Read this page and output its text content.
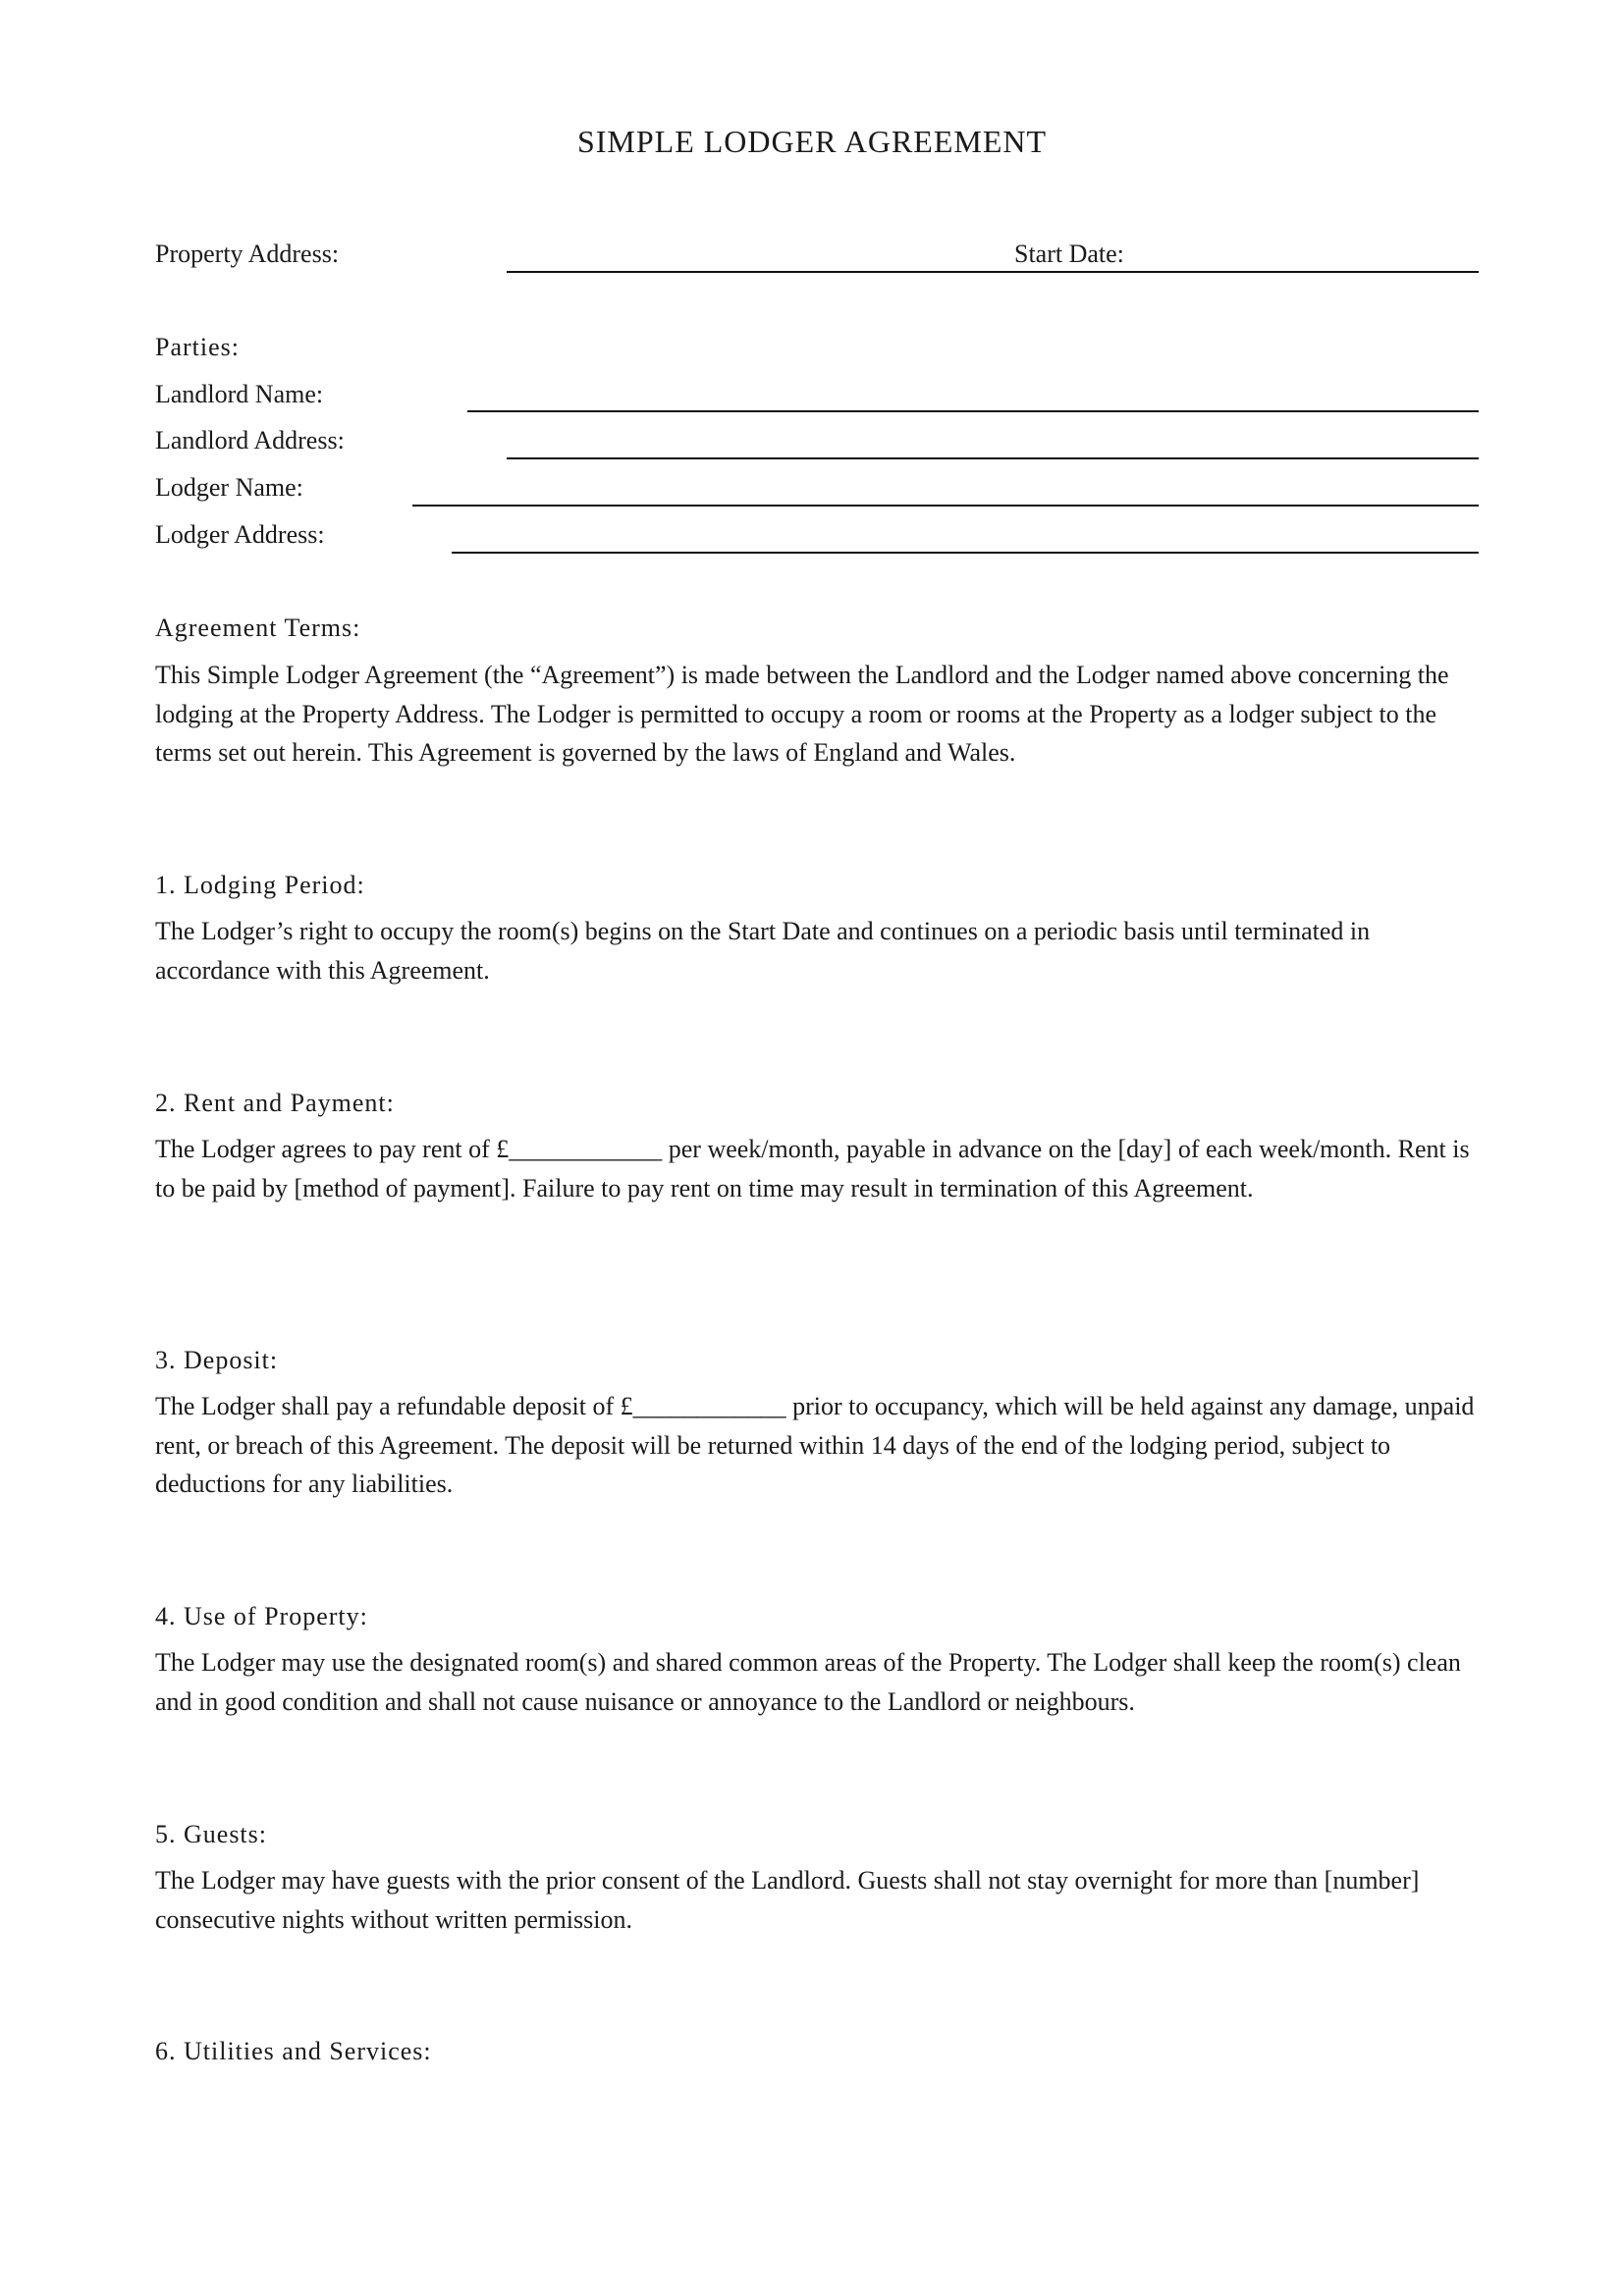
SIMPLE LODGER AGREEMENT
Property Address:	Start Date:
Parties:
Landlord Name:
Landlord Address:
Lodger Name:
Lodger Address:
Agreement Terms:

This Simple Lodger Agreement (the “Agreement”) is made between the Landlord and the Lodger named above concerning the lodging at the Property Address. The Lodger is permitted to occupy a room or rooms at the Property as a lodger subject to the terms set out herein. This Agreement is governed by the laws of England and Wales.

1. Lodging Period:

The Lodger’s right to occupy the room(s) begins on the Start Date and continues on a periodic basis until terminated in accordance with this Agreement.

2. Rent and Payment:

The Lodger agrees to pay rent of £____________ per week/month, payable in advance on the [day] of each week/month. Rent is to be paid by [method of payment]. Failure to pay rent on time may result in termination of this Agreement.

3. Deposit:

The Lodger shall pay a refundable deposit of £____________ prior to occupancy, which will be held against any damage, unpaid rent, or breach of this Agreement. The deposit will be returned within 14 days of the end of the lodging period, subject to deductions for any liabilities.

4. Use of Property:

The Lodger may use the designated room(s) and shared common areas of the Property. The Lodger shall keep the room(s) clean and in good condition and shall not cause nuisance or annoyance to the Landlord or neighbours.

5. Guests:

The Lodger may have guests with the prior consent of the Landlord. Guests shall not stay overnight for more than [number] consecutive nights without written permission.

6. Utilities and Services:
